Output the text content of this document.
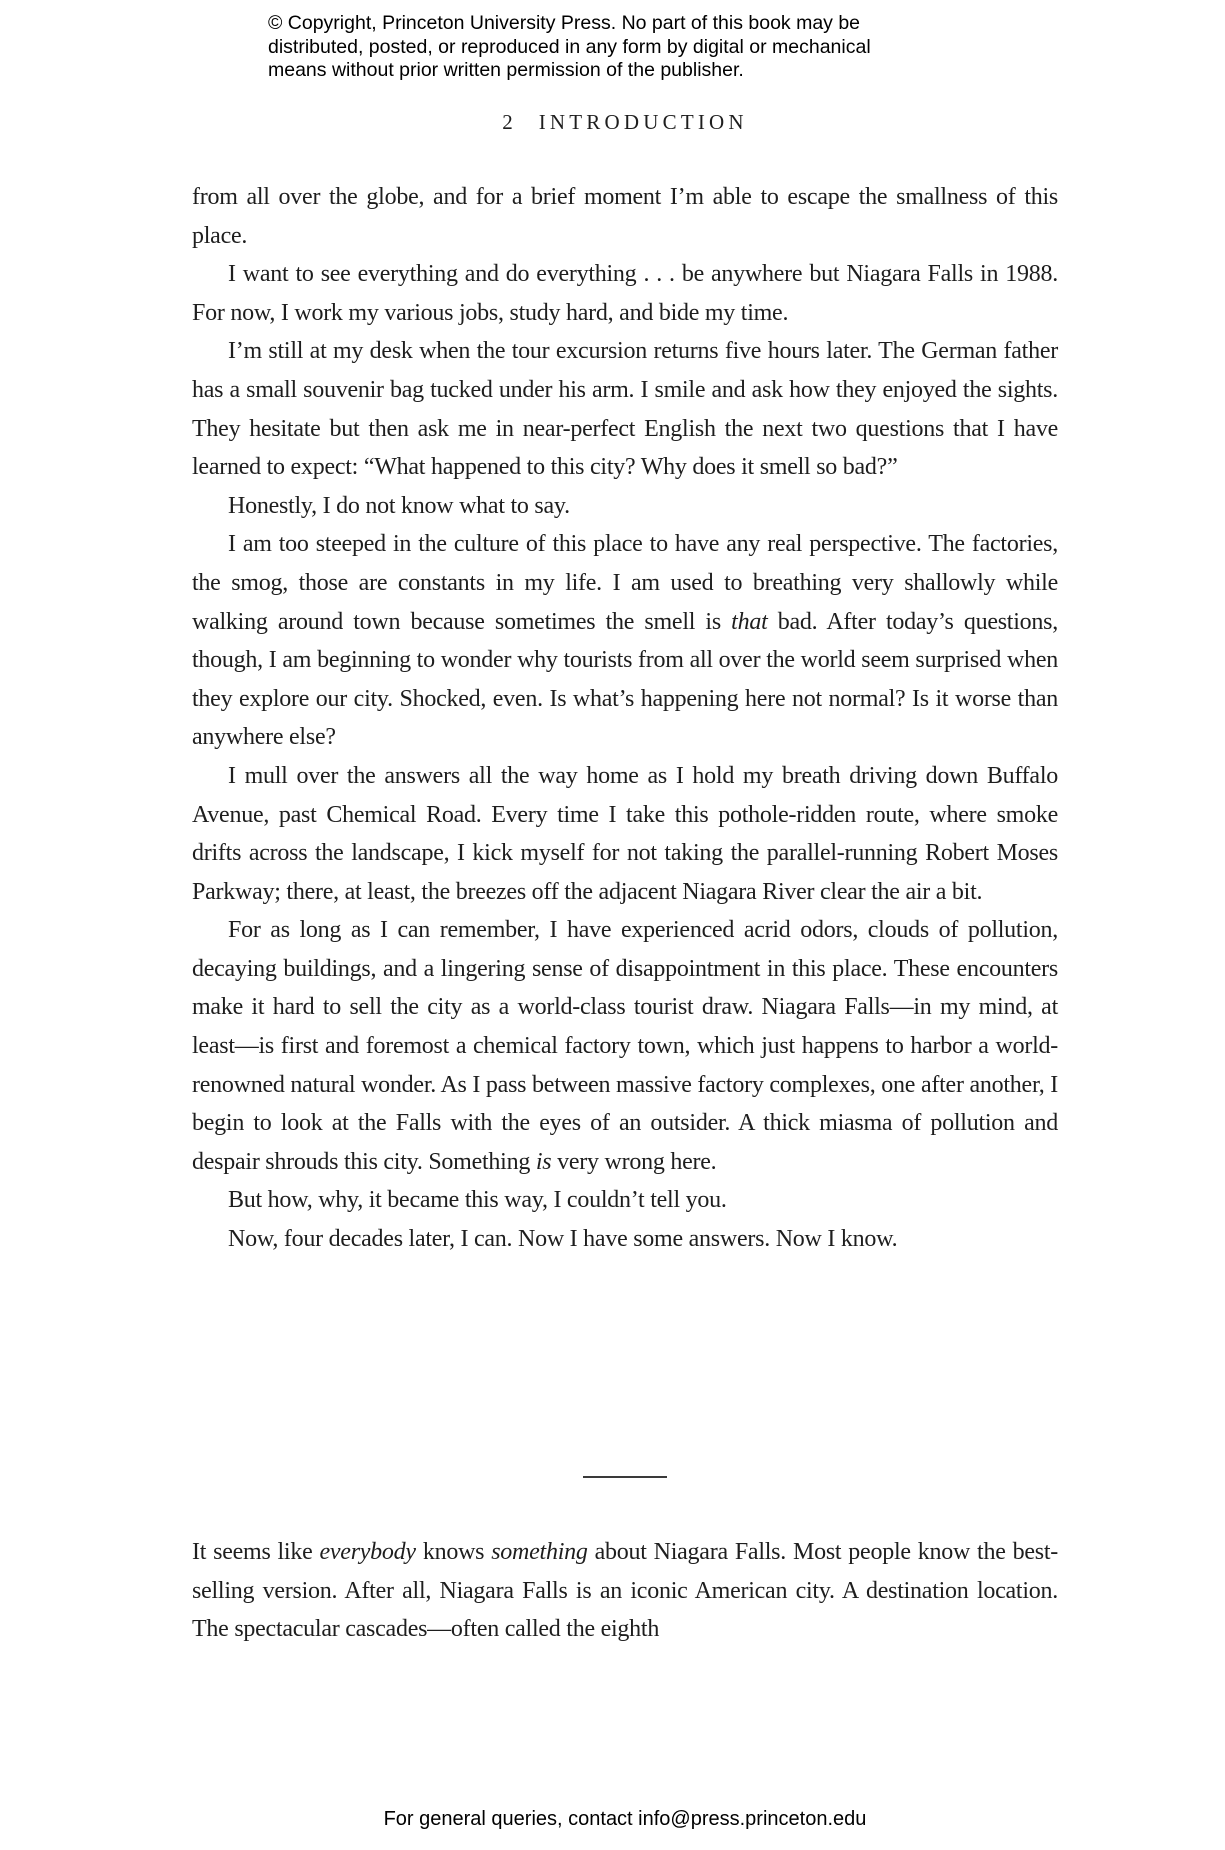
© Copyright, Princeton University Press. No part of this book may be
distributed, posted, or reproduced in any form by digital or mechanical
means without prior written permission of the publisher.
2 INTRODUCTION

from all over the globe, and for a brief moment I’m able to escape the smallness of this place.

I want to see everything and do everything . . . be anywhere but Niagara Falls in 1988. For now, I work my various jobs, study hard, and bide my time.

I’m still at my desk when the tour excursion returns five hours later. The German father has a small souvenir bag tucked under his arm. I smile and ask how they enjoyed the sights. They hesitate but then ask me in near-perfect English the next two questions that I have learned to expect: “What happened to this city? Why does it smell so bad?”

Honestly, I do not know what to say.

I am too steeped in the culture of this place to have any real perspective. The factories, the smog, those are constants in my life. I am used to breathing very shallowly while walking around town because sometimes the smell is that bad. After today’s questions, though, I am beginning to wonder why tourists from all over the world seem surprised when they explore our city. Shocked, even. Is what’s happening here not normal? Is it worse than anywhere else?

I mull over the answers all the way home as I hold my breath driving down Buffalo Avenue, past Chemical Road. Every time I take this pothole-ridden route, where smoke drifts across the landscape, I kick myself for not taking the parallel-running Robert Moses Parkway; there, at least, the breezes off the adjacent Niagara River clear the air a bit.

For as long as I can remember, I have experienced acrid odors, clouds of pollution, decaying buildings, and a lingering sense of disappointment in this place. These encounters make it hard to sell the city as a world-class tourist draw. Niagara Falls—in my mind, at least—is first and foremost a chemical factory town, which just happens to harbor a world-renowned natural wonder. As I pass between massive factory complexes, one after another, I begin to look at the Falls with the eyes of an outsider. A thick miasma of pollution and despair shrouds this city. Something is very wrong here.

But how, why, it became this way, I couldn’t tell you.

Now, four decades later, I can. Now I have some answers. Now I know.

It seems like everybody knows something about Niagara Falls. Most people know the best-selling version. After all, Niagara Falls is an iconic American city. A destination location. The spectacular cascades—often called the eighth

For general queries, contact info@press.princeton.edu
